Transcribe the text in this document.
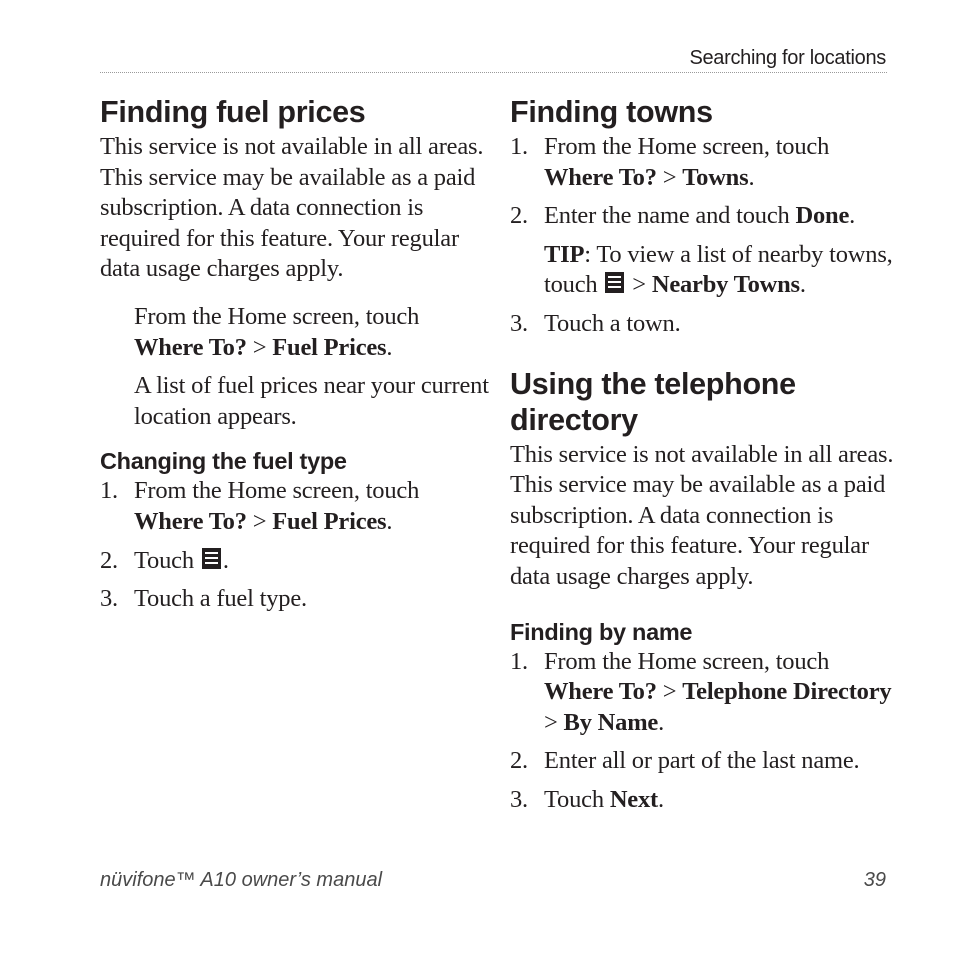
Searching for locations
Finding fuel prices

This service is not available in all areas. This service may be available as a paid subscription. A data connection is required for this feature. Your regular data usage charges apply.

From the Home screen, touch Where To? > Fuel Prices.

A list of fuel prices near your current location appears.

Changing the fuel type
1. From the Home screen, touch Where To? > Fuel Prices.
2. Touch .
3. Touch a fuel type.
Finding towns
1. From the Home screen, touch Where To? > Towns.
2. Enter the name and touch Done.

TIP: To view a list of nearby towns, touch  > Nearby Towns.

3. Touch a town.
Using the telephone directory

This service is not available in all areas. This service may be available as a paid subscription. A data connection is required for this feature. Your regular data usage charges apply.

Finding by name
1. From the Home screen, touch Where To? > Telephone Directory > By Name.
2. Enter all or part of the last name.
3. Touch Next.
nüvifone™ A10 owner’s manual	39
